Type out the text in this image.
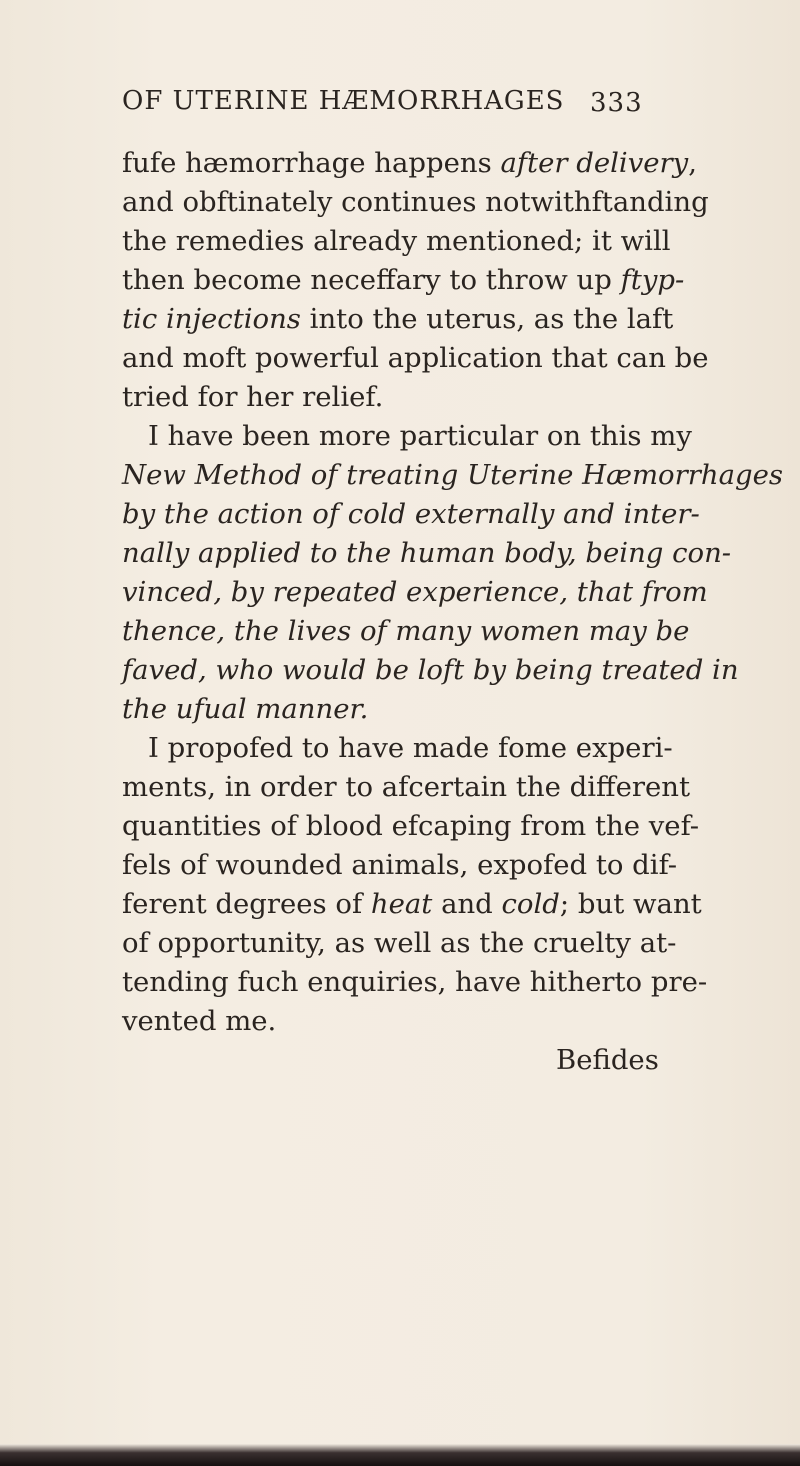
OF UTERINE HÆMORRHAGES 333
fufe hæmorrhage happens after delivery,
and obftinately continues notwithftanding
the remedies already mentioned; it will
then become neceffary to throw up ftyp-
tic injections into the uterus, as the laft
and moft powerful application that can be
tried for her relief.
I have been more particular on this my
New Method of treating Uterine Hæmorrhages
by the action of cold externally and inter-
nally applied to the human body, being con-
vinced, by repeated experience, that from
thence, the lives of many women may be
faved, who would be loft by being treated in
the ufual manner.
I propofed to have made fome experi-
ments, in order to afcertain the different
quantities of blood efcaping from the vef-
fels of wounded animals, expofed to dif-
ferent degrees of heat and cold; but want
of opportunity, as well as the cruelty at-
tending fuch enquiries, have hitherto pre-
vented me.
Befides
